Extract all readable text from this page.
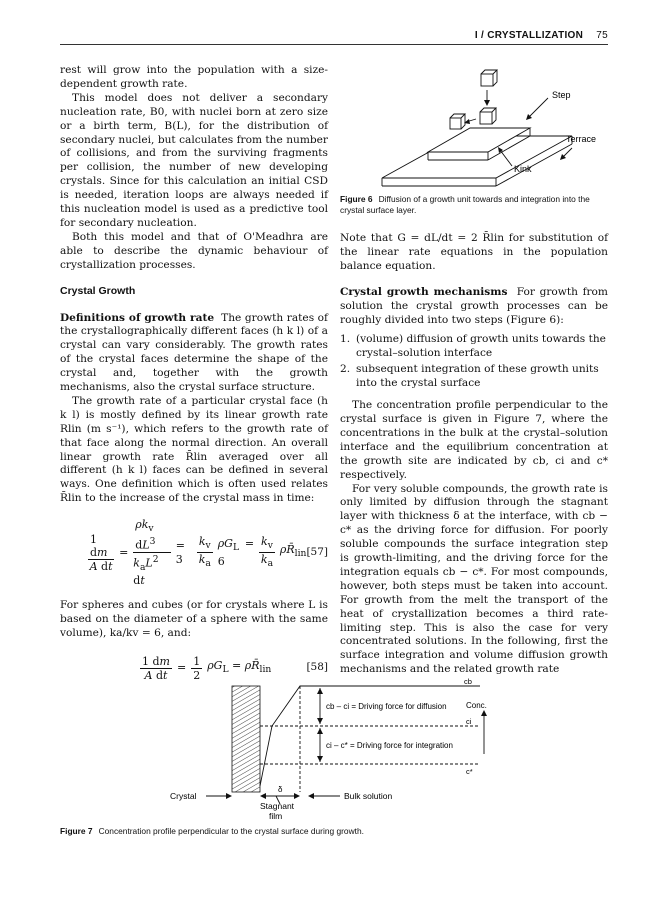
I / CRYSTALLIZATION 75

rest will grow into the population with a size-dependent growth rate.

This model does not deliver a secondary nucleation rate, B0, with nuclei born at zero size or a birth term, B(L), for the distribution of secondary nuclei, but calculates from the number of collisions, and from the surviving fragments per collision, the number of new developing crystals. Since for this calculation an initial CSD is needed, iteration loops are always needed if this nucleation model is used as a predictive tool for secondary nucleation.

Both this model and that of O'Meadhra are able to describe the dynamic behaviour of crystallization processes.

Crystal Growth

Definitions of growth rate The growth rates of the crystallographically different faces (h k l) of a crystal can vary considerably. The growth rates of the crystal faces determine the shape of the crystal and, together with the growth mechanisms, also the crystal surface structure.

The growth rate of a particular crystal face (h k l) is mostly defined by its linear growth rate Rlin (m s⁻¹), which refers to the growth rate of that face along the normal direction. An overall linear growth rate R̄lin averaged over all different (h k l) faces can be defined in several ways. One definition which is often used relates R̄lin to the increase of the crystal mass in time:

$\frac{1 dm}{\text{A dt}} = \frac{\rho k_v dL^3}{k_aL^2 dt} = 3$	$\frac{k_v}{k_a} \rho G_L = 6$	$\frac{k_v}{k_a}$ $\rho R̄_{lin}$ [57]

For spheres and cubes (or for crystals where L is based on the diameter of a sphere with the same volume), ka/kv = 6, and:

$\frac{1 dm}{\text{A dt}} = \frac{1}{2} \rho G_L$ = $\rho R̄_{lin}$	[58]
Step
Terrace
Kink
Figure 6 Diffusion of a growth unit towards and integration into the crystal surface layer.

Note that G = dL/dt = 2 R̄lin for substitution of the linear rate equations in the population balance equation.

Crystal growth mechanisms For growth from solution the crystal growth processes can be roughly divided into two steps (Figure 6):

1. (volume) diffusion of growth units towards the crystal–solution interface
2. subsequent integration of these growth units into the crystal surface

The concentration profile perpendicular to the crystal surface is given in Figure 7, where the concentrations in the bulk at the crystal–solution interface and the equilibrium concentration at the growth site are indicated by cb, ci and c* respectively.

For very soluble compounds, the growth rate is only limited by diffusion through the stagnant layer with thickness δ at the interface, with cb − c* as the driving force for diffusion. For poorly soluble compounds the surface integration step is growth-limiting, and the driving force for the integration equals cb − c*. For most compounds, however, both steps must be taken into account. For growth from the melt the transport of the heat of crystallization becomes a third rate-limiting step. This is also the case for very concentrated solutions. In the following, first the surface integration and volume diffusion growth mechanisms and the related growth rate

cb
cb – ci = Driving force for diffusion
ci
ci – c* = Driving force for integration
c*
Conc.
δ
Crystal
Stagnant
film
Bulk solution
Figure 7 Concentration profile perpendicular to the crystal surface during growth.
